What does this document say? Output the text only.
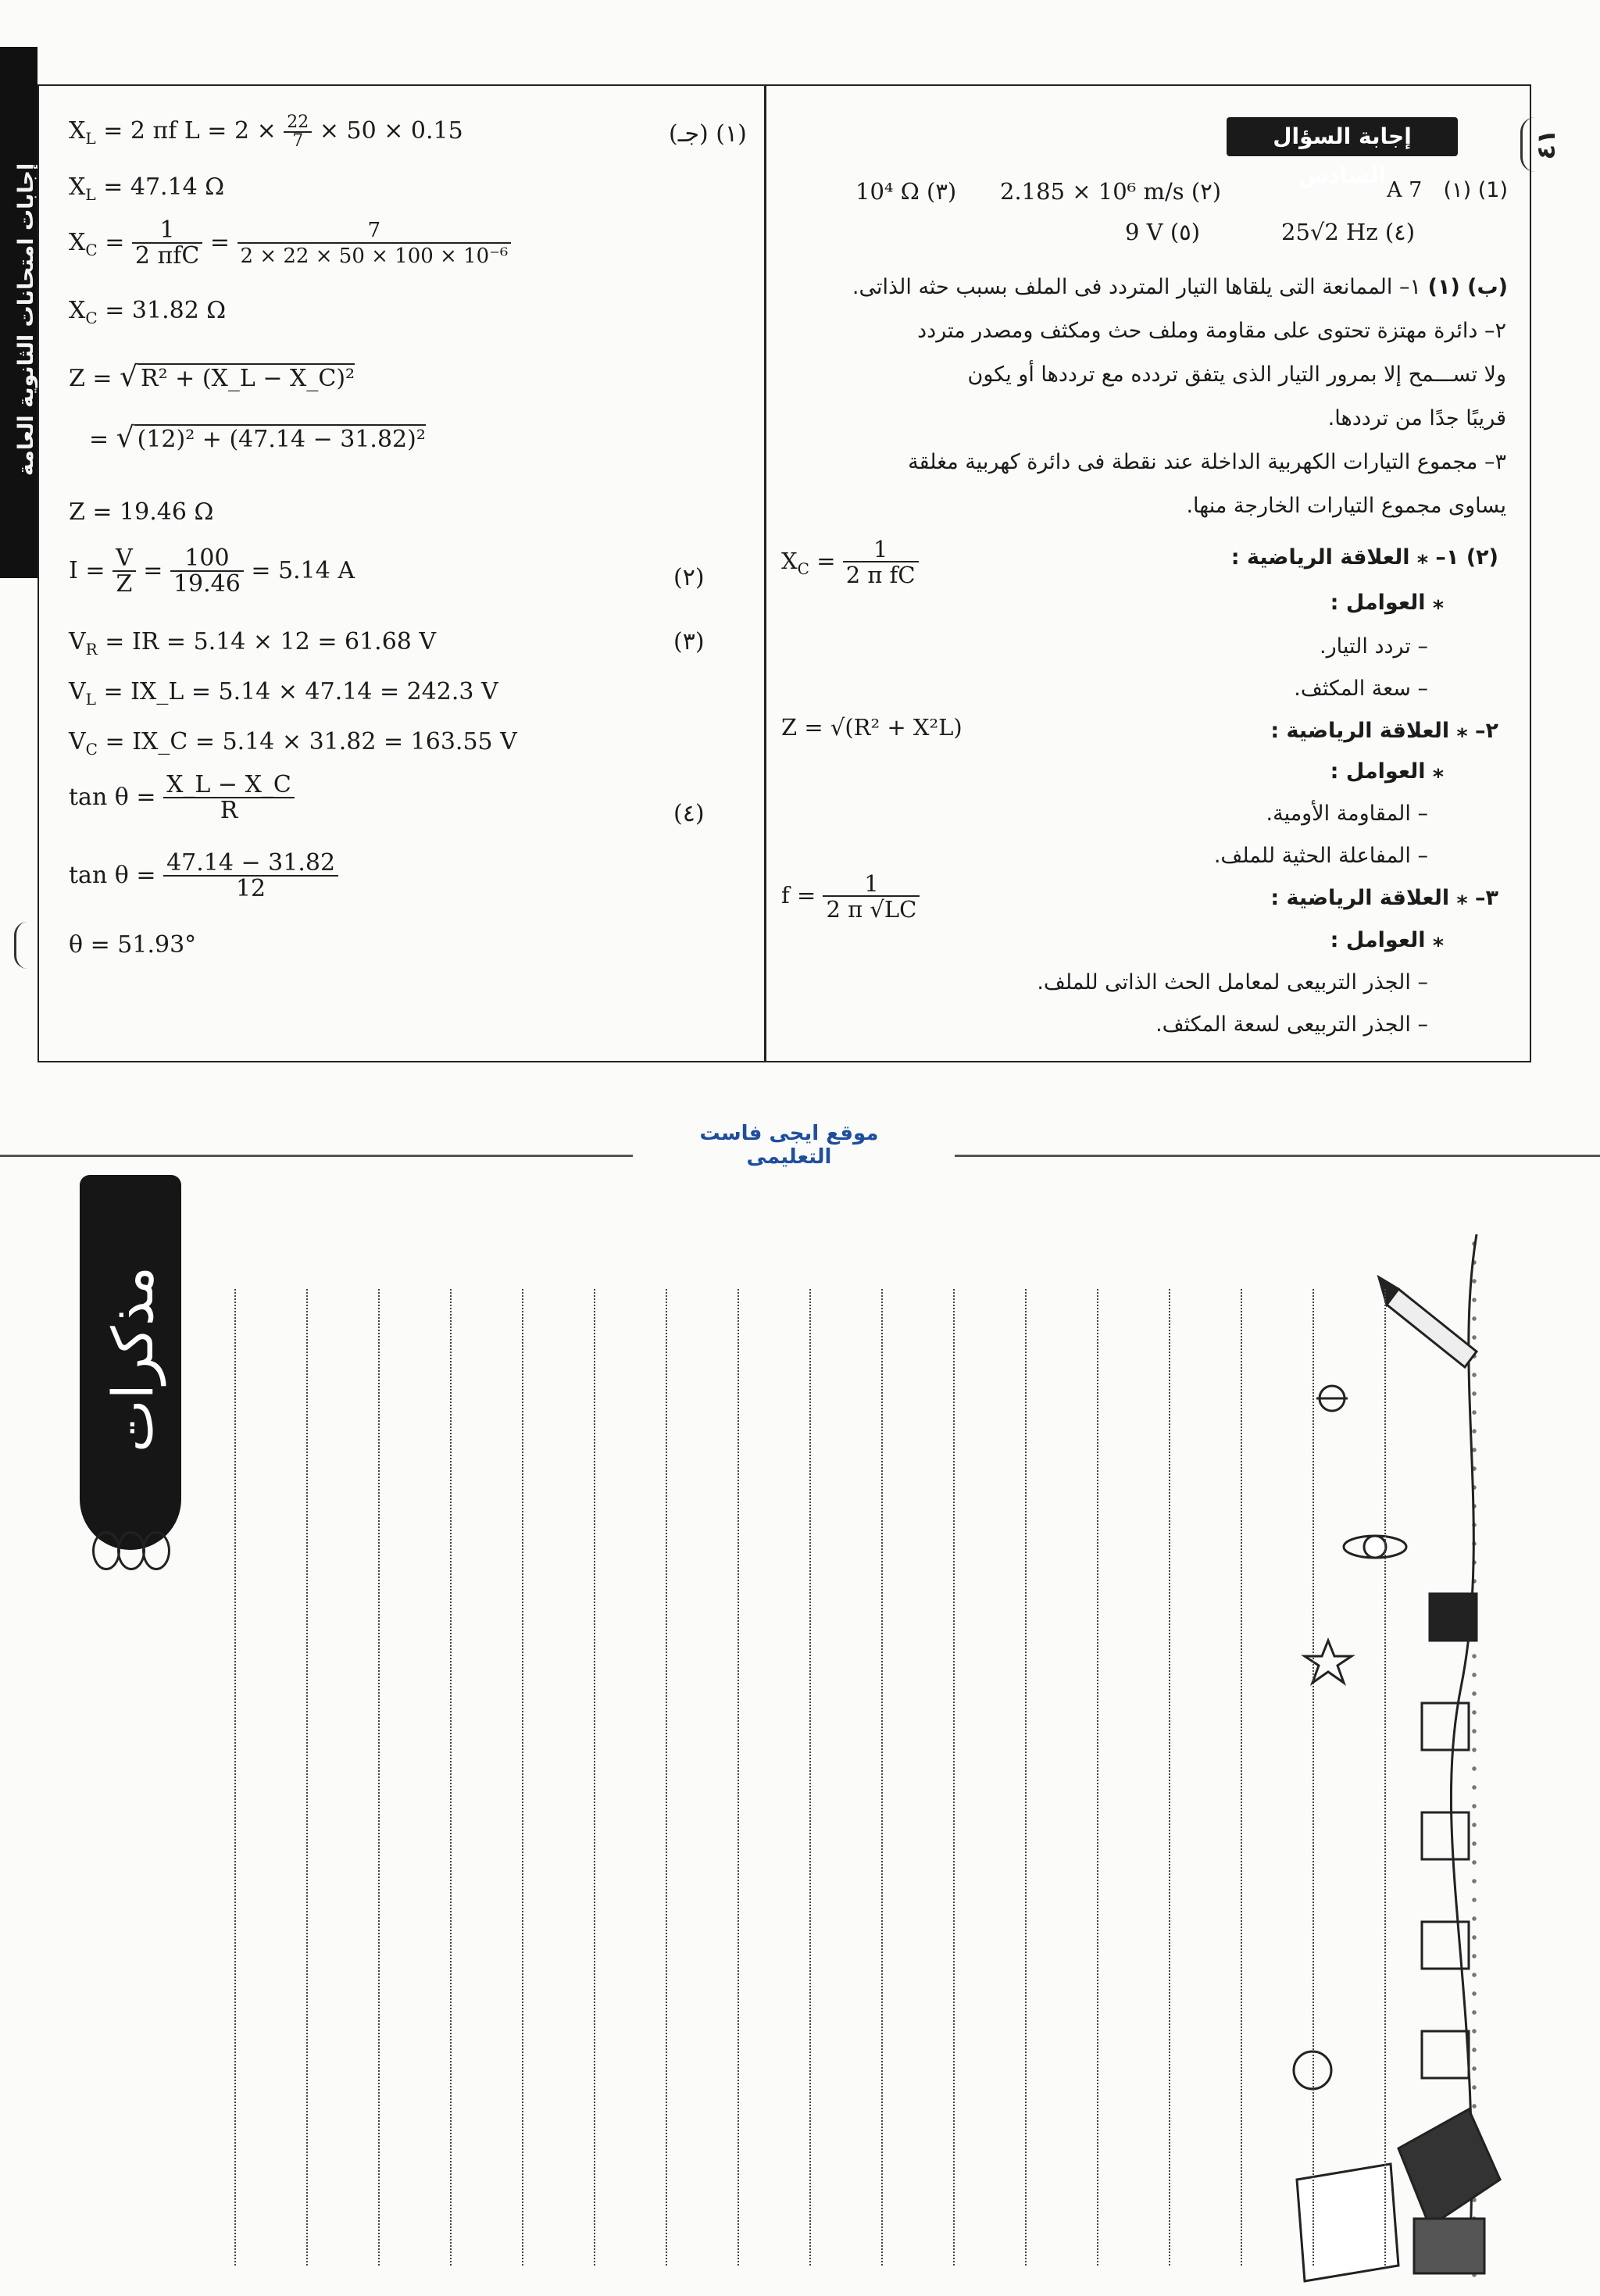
إجابات امتحانات الثانوية العامة
٤١
إجابة السؤال السادس
(1) (١)  7 A
2.185 × 10⁶ m/s (٢)
10⁴ Ω (٣)
25√2 Hz (٤)
9 V (٥)
(ب) (١) ١– الممانعة التى يلقاها التيار المتردد فى الملف بسبب حثه الذاتى.
٢– دائرة مهتزة تحتوى على مقاومة وملف حث ومكثف ومصدر متردد
ولا تســـمح إلا بمرور التيار الذى يتفق تردده مع ترددها أو يكون
قريبًا جدًا من ترددها.
٣– مجموع التيارات الكهربية الداخلة عند نقطة فى دائرة كهربية مغلقة
يساوى مجموع التيارات الخارجة منها.
(٢) ١– ⁎ العلاقة الرياضية :
$X_C = \frac{1}{\text{2 π fC}}$
⁎ العوامل :
– تردد التيار.
– سعة المكثف.
٢– ⁎ العلاقة الرياضية :
Z = √(R² + X²L)
⁎ العوامل :
– المقاومة الأومية.
– المفاعلة الحثية للملف.
٣– ⁎ العلاقة الرياضية :
$f = \frac{1}{2 \pi √LC}$
⁎ العوامل :
– الجذر التربيعى لمعامل الحث الذاتى للملف.
– الجذر التربيعى لسعة المكثف.
(١) (جـ)
$X_L = 2$ πf $L = 2 \times \frac{22}{7} \times 50 \times 0.15$
$X_L = 47.14$ Ω
$X_C = \frac{1}{\text{2 πfC}} = \frac{7}{\text{2 × 22 × 50 × 100 × 10⁻⁶}}$
$X_C = 31.82$ Ω
Z = √ R² + (X_L − X_C)²
= √ (12)² + (47.14 − 31.82)²
Z = 19.46 Ω
$I = \frac{V}{Z} = \frac{100}{19.46} = 5.14$ A	(٢)
$V_R$ = IR = 5.14 × 12 = 61.68 V	(٣)
$V_L$ = IX_L = 5.14 × 47.14 = 242.3 V
$V_C$ = IX_C = 5.14 × 31.82 = 163.55 V
$\tan \theta = \frac{X\_L - X\_C}{R}$	(٤)
$\tan \theta = \frac{47.14 - 31.82}{12}$
θ = 51.93°
موقع ايجى فاست التعليمى
مذكرات
